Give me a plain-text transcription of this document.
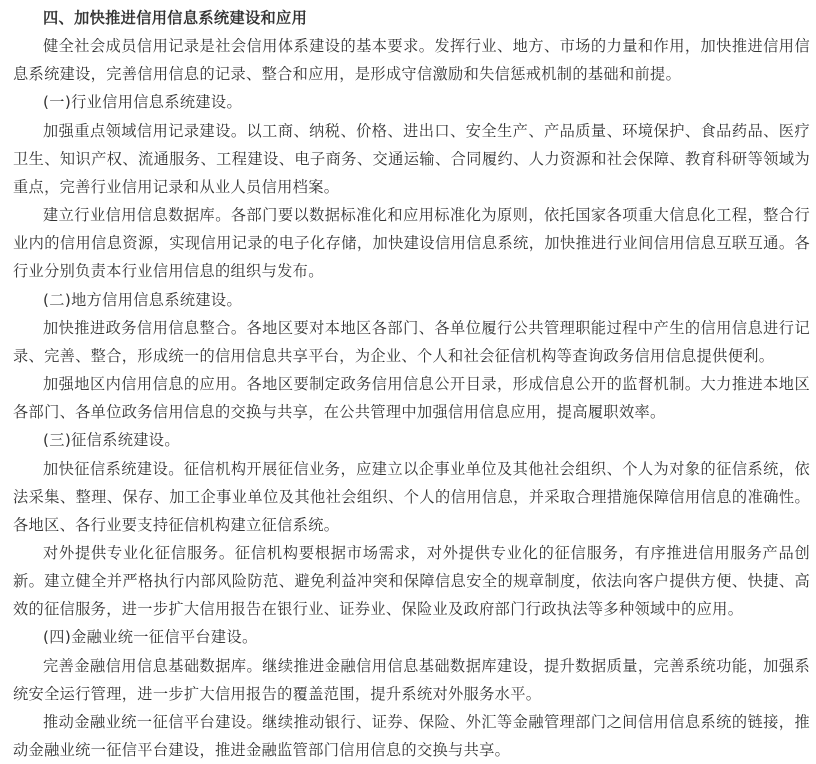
四、加快推进信用信息系统建设和应用

健全社会成员信用记录是社会信用体系建设的基本要求。发挥行业、地方、市场的力量和作用，加快推进信用信息系统建设，完善信用信息的记录、整合和应用，是形成守信激励和失信惩戒机制的基础和前提。

(一)行业信用信息系统建设。

加强重点领域信用记录建设。以工商、纳税、价格、进出口、安全生产、产品质量、环境保护、食品药品、医疗卫生、知识产权、流通服务、工程建设、电子商务、交通运输、合同履约、人力资源和社会保障、教育科研等领域为重点，完善行业信用记录和从业人员信用档案。

建立行业信用信息数据库。各部门要以数据标准化和应用标准化为原则，依托国家各项重大信息化工程，整合行业内的信用信息资源，实现信用记录的电子化存储，加快建设信用信息系统，加快推进行业间信用信息互联互通。各行业分别负责本行业信用信息的组织与发布。

(二)地方信用信息系统建设。

加快推进政务信用信息整合。各地区要对本地区各部门、各单位履行公共管理职能过程中产生的信用信息进行记录、完善、整合，形成统一的信用信息共享平台，为企业、个人和社会征信机构等查询政务信用信息提供便利。

加强地区内信用信息的应用。各地区要制定政务信用信息公开目录，形成信息公开的监督机制。大力推进本地区各部门、各单位政务信用信息的交换与共享，在公共管理中加强信用信息应用，提高履职效率。

(三)征信系统建设。

加快征信系统建设。征信机构开展征信业务，应建立以企事业单位及其他社会组织、个人为对象的征信系统，依法采集、整理、保存、加工企事业单位及其他社会组织、个人的信用信息，并采取合理措施保障信用信息的准确性。各地区、各行业要支持征信机构建立征信系统。

对外提供专业化征信服务。征信机构要根据市场需求，对外提供专业化的征信服务，有序推进信用服务产品创新。建立健全并严格执行内部风险防范、避免利益冲突和保障信息安全的规章制度，依法向客户提供方便、快捷、高效的征信服务，进一步扩大信用报告在银行业、证券业、保险业及政府部门行政执法等多种领域中的应用。

(四)金融业统一征信平台建设。

完善金融信用信息基础数据库。继续推进金融信用信息基础数据库建设，提升数据质量，完善系统功能，加强系统安全运行管理，进一步扩大信用报告的覆盖范围，提升系统对外服务水平。

推动金融业统一征信平台建设。继续推动银行、证券、保险、外汇等金融管理部门之间信用信息系统的链接，推动金融业统一征信平台建设，推进金融监管部门信用信息的交换与共享。
